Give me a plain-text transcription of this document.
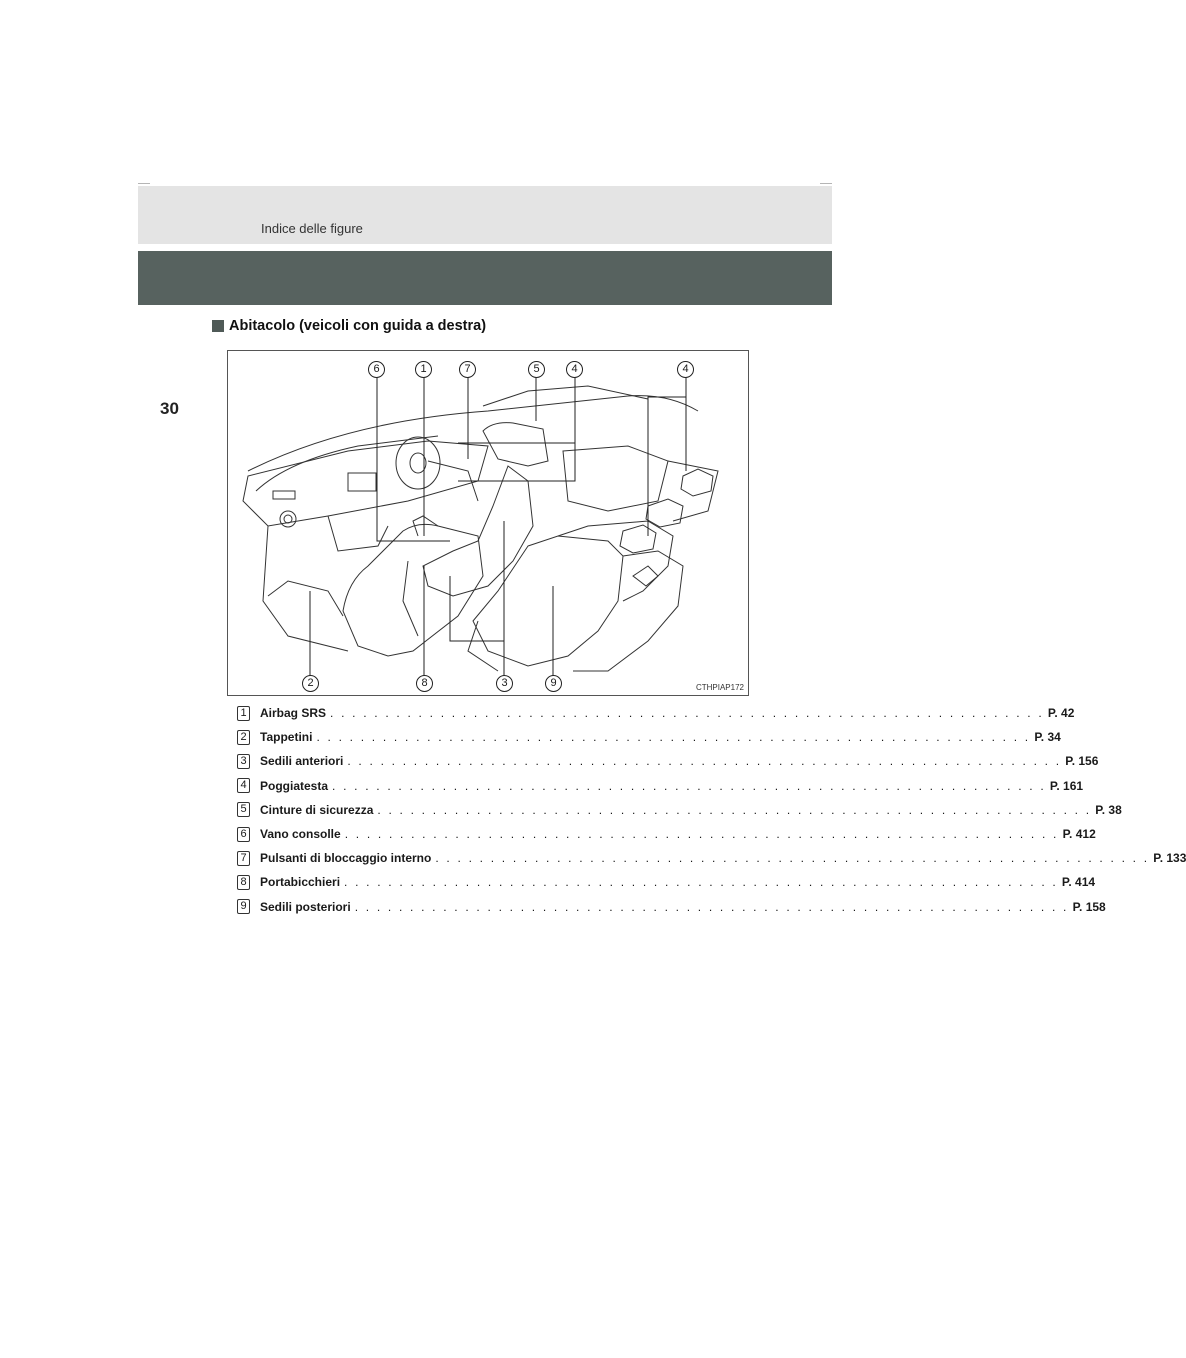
30
Indice delle figure
Abitacolo (veicoli con guida a destra)
6	1	7	5	4	4
2	8	3	9	CTHPIAP172
1 Airbag SRS . . . . . . . . . . . . . . . . . . . . . . . . . . . . . . . . . . . . . . . . . . . . . . . . . . . . . . . . . . . . . . . . . P. 42
2 Tappetini . . . . . . . . . . . . . . . . . . . . . . . . . . . . . . . . . . . . . . . . . . . . . . . . . . . . . . . . . . . . . . . . . P. 34
3 Sedili anteriori . . . . . . . . . . . . . . . . . . . . . . . . . . . . . . . . . . . . . . . . . . . . . . . . . . . . . . . . . . . . . . . . . P. 156
4 Poggiatesta . . . . . . . . . . . . . . . . . . . . . . . . . . . . . . . . . . . . . . . . . . . . . . . . . . . . . . . . . . . . . . . . . P. 161
5 Cinture di sicurezza . . . . . . . . . . . . . . . . . . . . . . . . . . . . . . . . . . . . . . . . . . . . . . . . . . . . . . . . . . . . . . . . . P. 38
6 Vano consolle . . . . . . . . . . . . . . . . . . . . . . . . . . . . . . . . . . . . . . . . . . . . . . . . . . . . . . . . . . . . . . . . . P. 412
7 Pulsanti di bloccaggio interno . . . . . . . . . . . . . . . . . . . . . . . . . . . . . . . . . . . . . . . . . . . . . . . . . . . . . . . . . . . . . . . . . P. 133
8 Portabicchieri . . . . . . . . . . . . . . . . . . . . . . . . . . . . . . . . . . . . . . . . . . . . . . . . . . . . . . . . . . . . . . . . . P. 414
9 Sedili posteriori . . . . . . . . . . . . . . . . . . . . . . . . . . . . . . . . . . . . . . . . . . . . . . . . . . . . . . . . . . . . . . . . . P. 158
